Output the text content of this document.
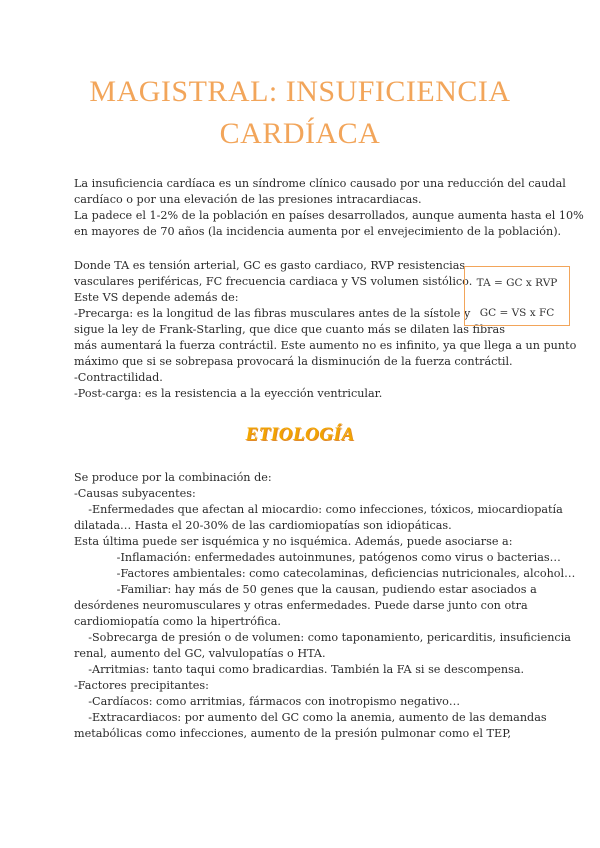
MAGISTRAL: INSUFICIENCIA
CARDÍACA

La insuficiencia cardíaca es un síndrome clínico causado por una reducción del caudal

cardíaco o por una elevación de las presiones intracardiacas.

La padece el 1-2% de la población en países desarrollados, aunque aumenta hasta el 10%

en mayores de 70 años (la incidencia aumenta por el envejecimiento de la población).

Donde TA es tensión arterial, GC es gasto cardiaco, RVP resistencias

vasculares periféricas, FC frecuencia cardiaca y VS volumen sistólico.

Este VS depende además de:

-Precarga: es la longitud de las fibras musculares antes de la sístole y

sigue la ley de Frank-Starling, que dice que cuanto más se dilaten las fibras

más aumentará la fuerza contráctil. Este aumento no es infinito, ya que llega a un punto

máximo que si se sobrepasa provocará la disminución de la fuerza contráctil.

-Contractilidad.

-Post-carga: es la resistencia a la eyección ventricular.

TA = GC x RVP
GC = VS x FC
ETIOLOGÍA

Se produce por la combinación de:

-Causas subyacentes:

-Enfermedades que afectan al miocardio: como infecciones, tóxicos, miocardiopatía

dilatada… Hasta el 20-30% de las cardiomiopatías son idiopáticas.

Esta última puede ser isquémica y no isquémica. Además, puede asociarse a:

-Inflamación: enfermedades autoinmunes, patógenos como virus o bacterias…

-Factores ambientales: como catecolaminas, deficiencias nutricionales, alcohol…

-Familiar: hay más de 50 genes que la causan, pudiendo estar asociados a

desórdenes neuromusculares y otras enfermedades. Puede darse junto con otra

cardiomiopatía como la hipertrófica.

-Sobrecarga de presión o de volumen: como taponamiento, pericarditis, insuficiencia

renal, aumento del GC, valvulopatías o HTA.

-Arritmias: tanto taqui como bradicardias. También la FA si se descompensa.

-Factores precipitantes:

-Cardíacos: como arritmias, fármacos con inotropismo negativo…

-Extracardiacos: por aumento del GC como la anemia, aumento de las demandas

metabólicas como infecciones, aumento de la presión pulmonar como el TEP,
